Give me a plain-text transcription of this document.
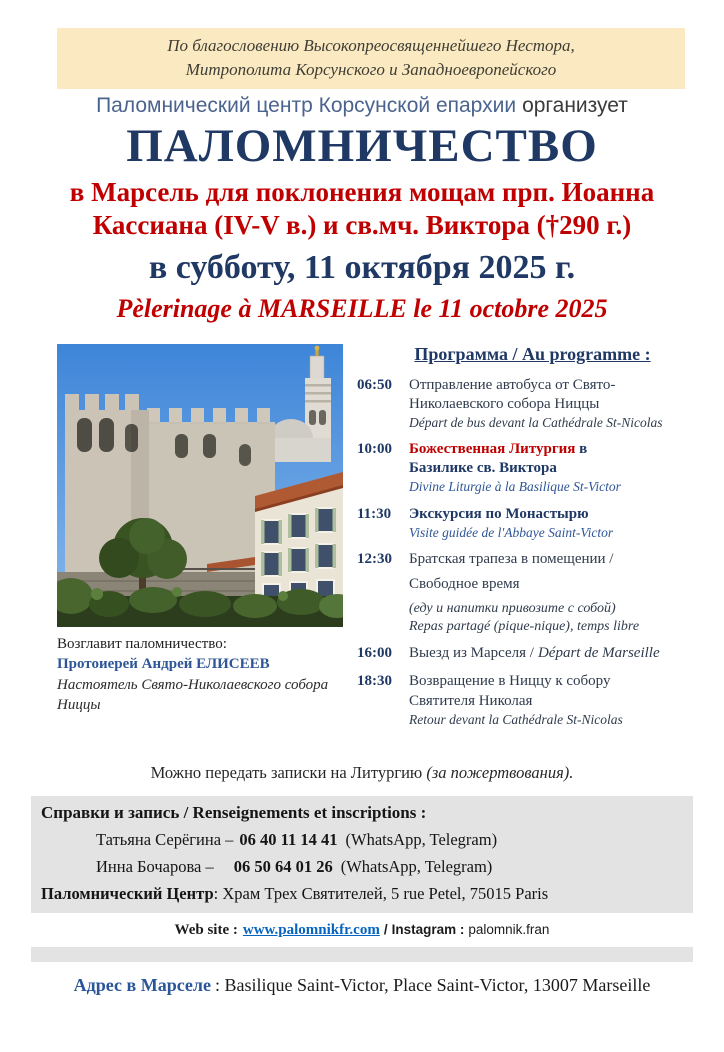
По благословению Высокопреосвященнейшего Нестора,
Митрополита Корсунского и Западноевропейского
Паломнический центр Корсунской епархии организует
ПАЛОМНИЧЕСТВО
в Марсель для поклонения мощам прп. Иоанна
Кассиана (IV-V в.) и св.мч. Виктора (†290 г.)
в субботу, 11 октября 2025 г.
Pèlerinage à MARSEILLE le 11 octobre 2025
Возглавит паломничество:
Протоиерей Андрей ЕЛИСЕЕВ
Настоятель Свято-Николаевского собора
Ниццы
Программа / Au programme :
06:50	Отправление автобуса от Свято-
Николаевского собора Ниццы
Départ de bus devant la Cathédrale St-Nicolas
10:00	Божественная Литургия в
Базилике св. Виктора
Divine Liturgie à la Basilique St-Victor
11:30	Экскурсия по Монастырю
Visite guidée de l'Abbaye Saint-Victor
12:30	Братская трапеза в помещении /
Свободное время
(еду и напитки привозите с собой)
Repas partagé (pique-nique), temps libre
16:00	Выезд из Марселя / Départ de Marseille
18:30	Возвращение в Ниццу к собору
Святителя Николая
Retour devant la Cathédrale St-Nicolas
Можно передать записки на Литургию (за пожертвования).
Справки и запись / Renseignements et inscriptions :
Татьяна Серёгина – 06 40 11 14 41 (WhatsApp, Telegram)
Инна Бочарова – 06 50 64 01 26 (WhatsApp, Telegram)
Паломнический Центр: Храм Трех Святителей, 5 rue Petel, 75015 Paris
Web site : www.palomnikfr.com / Instagram : palomnik.fran
Адрес в Марселе : Basilique Saint-Victor, Place Saint-Victor, 13007 Marseille
